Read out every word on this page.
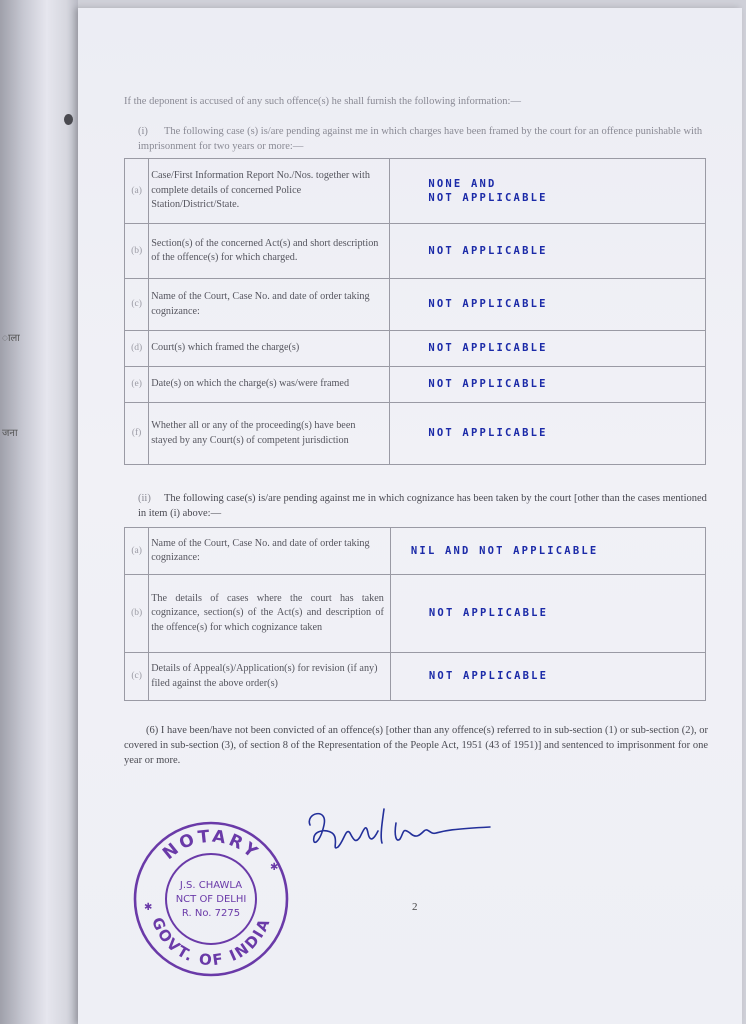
ाला
जना

If the deponent is accused of any such offence(s) he shall furnish the following information:—

(i) The following case (s) is/are pending against me in which charges have been framed by the court for an offence punishable with imprisonment for two years or more:—
(a)	Case/First Information Report No./Nos. together with complete details of concerned Police Station/District/State.	NONE AND
NOT APPLICABLE
(b)	Section(s) of the concerned Act(s) and short description of the offence(s) for which charged.	NOT APPLICABLE
(c)	Name of the Court, Case No. and date of order taking cognizance:	NOT APPLICABLE
(d)	Court(s) which framed the charge(s)	NOT APPLICABLE
(e)	Date(s) on which the charge(s) was/were framed	NOT APPLICABLE
(f)	Whether all or any of the proceeding(s) have been stayed by any Court(s) of competent jurisdiction	NOT APPLICABLE
(ii) The following case(s) is/are pending against me in which cognizance has been taken by the court [other than the cases mentioned in item (i) above:—
(a)	Name of the Court, Case No. and date of order taking cognizance:	NIL AND NOT APPLICABLE
(b)	The details of cases where the court has taken cognizance, section(s) of the Act(s) and description of the offence(s) for which cognizance taken	NOT APPLICABLE
(c)	Details of Appeal(s)/Application(s) for revision (if any) filed against the above order(s)	NOT APPLICABLE

(6) I have been/have not been convicted of an offence(s) [other than any offence(s) referred to in sub-section (1) or sub-section (2), or covered in sub-section (3), of section 8 of the Representation of the People Act, 1951 (43 of 1951)] and sentenced to imprisonment for one year or more.

Jagdish Kumar
NOTARY
GOVT. OF INDIA
J.S. CHAWLA
NCT OF DELHI
R. No. 7275
✱
✱	2
